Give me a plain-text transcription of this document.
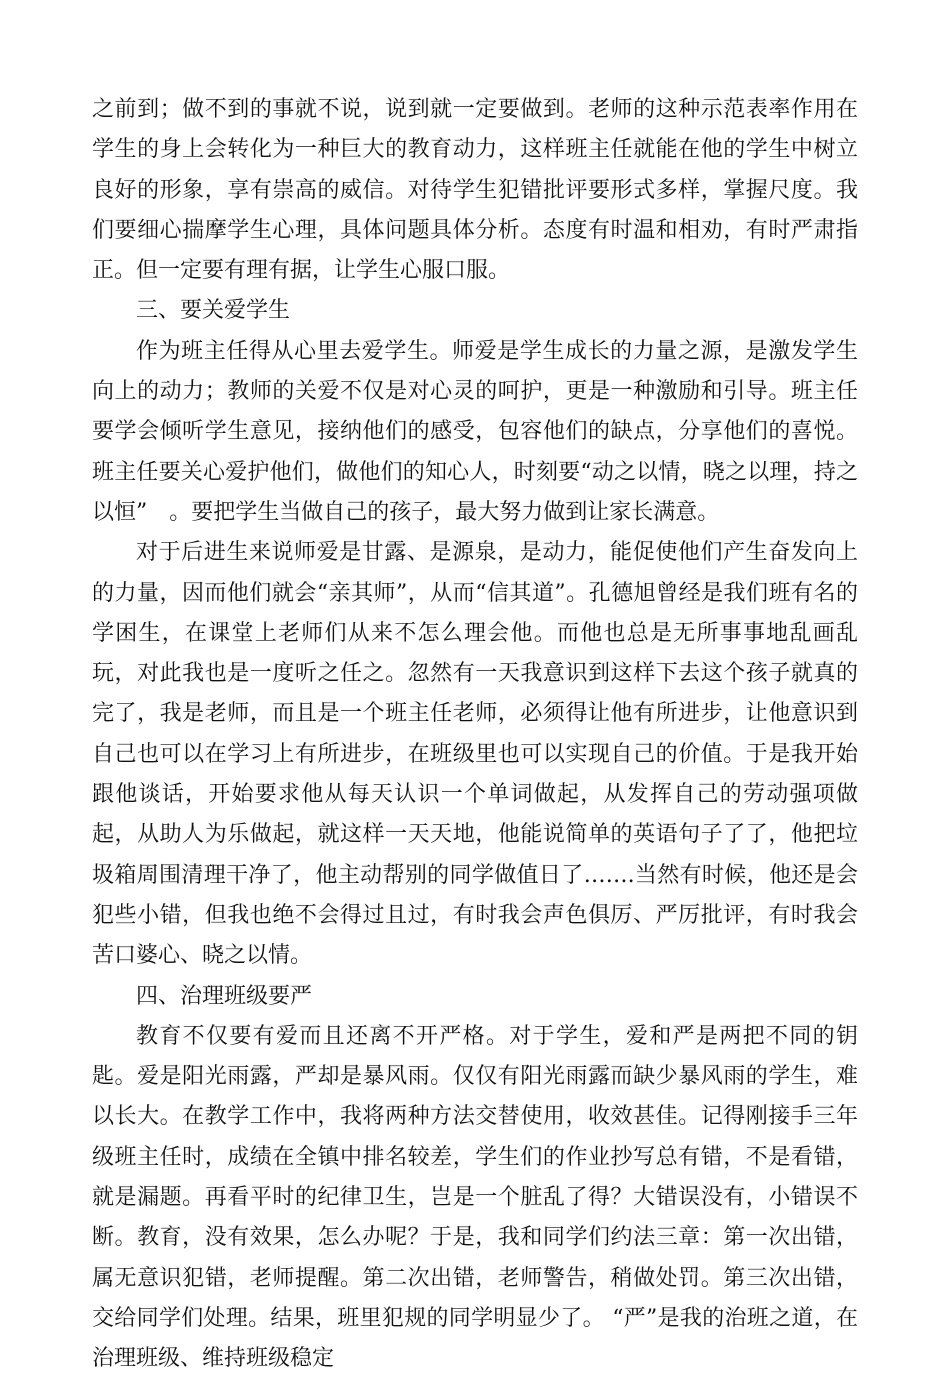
之前到；做不到的事就不说，说到就一定要做到。老师的这种示范表率作用在学生的身上会转化为一种巨大的教育动力，这样班主任就能在他的学生中树立良好的形象，享有崇高的威信。对待学生犯错批评要形式多样，掌握尺度。我们要细心揣摩学生心理，具体问题具体分析。态度有时温和相劝，有时严肃指正。但一定要有理有据，让学生心服口服。

三、要关爱学生

作为班主任得从心里去爱学生。师爱是学生成长的力量之源，是激发学生向上的动力；教师的关爱不仅是对心灵的呵护，更是一种激励和引导。班主任要学会倾听学生意见，接纳他们的感受，包容他们的缺点，分享他们的喜悦。班主任要关心爱护他们，做他们的知心人，时刻要“动之以情，晓之以理，持之以恒”　。要把学生当做自己的孩子，最大努力做到让家长满意。

对于后进生来说师爱是甘露、是源泉，是动力，能促使他们产生奋发向上的力量，因而他们就会“亲其师”，从而“信其道”。孔德旭曾经是我们班有名的学困生，在课堂上老师们从来不怎么理会他。而他也总是无所事事地乱画乱玩，对此我也是一度听之任之。忽然有一天我意识到这样下去这个孩子就真的完了，我是老师，而且是一个班主任老师，必须得让他有所进步，让他意识到自己也可以在学习上有所进步，在班级里也可以实现自己的价值。于是我开始跟他谈话，开始要求他从每天认识一个单词做起，从发挥自己的劳动强项做起，从助人为乐做起，就这样一天天地，他能说简单的英语句子了了，他把垃圾箱周围清理干净了，他主动帮别的同学做值日了…….当然有时候，他还是会犯些小错，但我也绝不会得过且过，有时我会声色俱厉、严厉批评，有时我会苦口婆心、晓之以情。

四、治理班级要严

教育不仅要有爱而且还离不开严格。对于学生，爱和严是两把不同的钥匙。爱是阳光雨露，严却是暴风雨。仅仅有阳光雨露而缺少暴风雨的学生，难以长大。在教学工作中，我将两种方法交替使用，收效甚佳。记得刚接手三年级班主任时，成绩在全镇中排名较差，学生们的作业抄写总有错，不是看错，就是漏题。再看平时的纪律卫生，岂是一个脏乱了得？大错误没有，小错误不断。教育，没有效果，怎么办呢？于是，我和同学们约法三章：第一次出错，属无意识犯错，老师提醒。第二次出错，老师警告，稍做处罚。第三次出错，交给同学们处理。结果，班里犯规的同学明显少了。 “严”是我的治班之道，在治理班级、维持班级稳定
